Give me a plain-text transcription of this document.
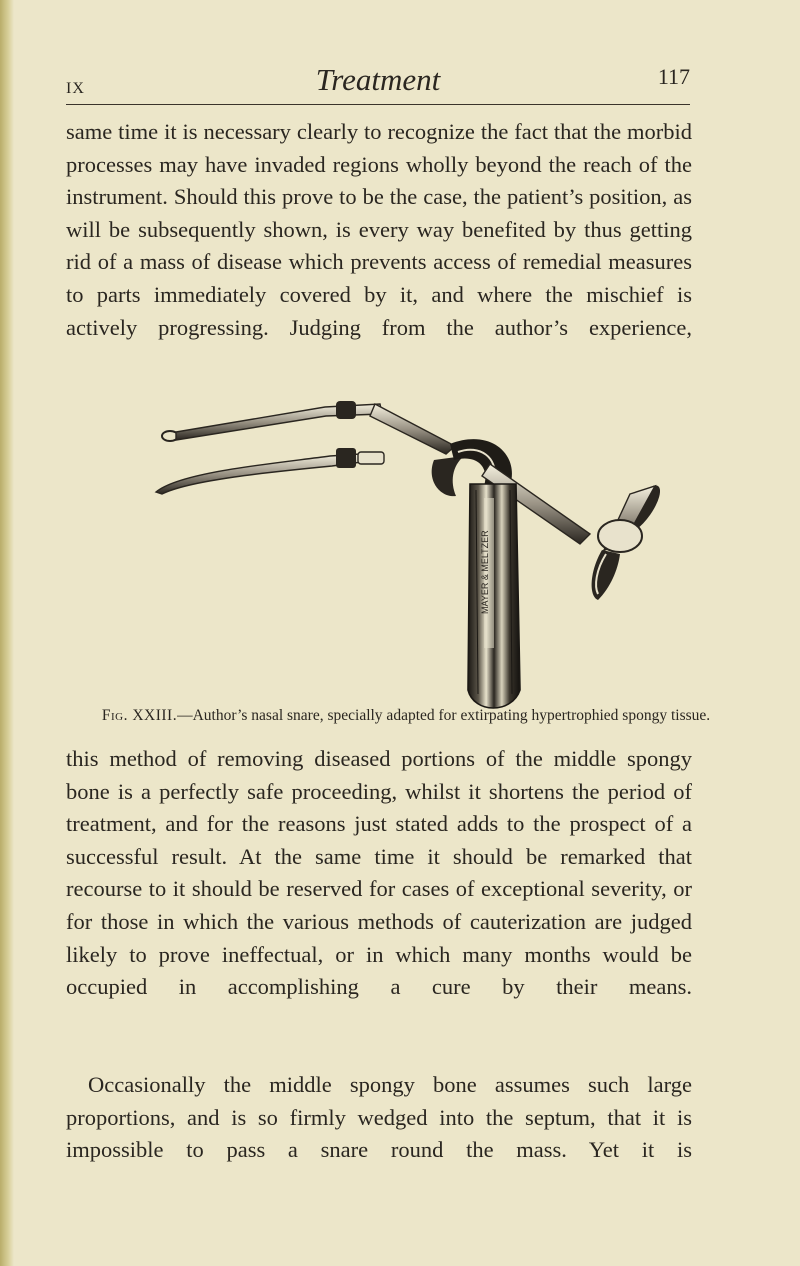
IX	Treatment	117

same time it is necessary clearly to recognize the fact that the morbid processes may have invaded regions wholly beyond the reach of the instrument. Should this prove to be the case, the patient’s position, as will be subsequently shown, is every way benefited by thus getting rid of a mass of disease which prevents access of remedial measures to parts immediately covered by it, and where the mischief is actively progressing. Judging from the author’s experience,

MAYER & MELTZER
Fig. XXIII.—Author’s nasal snare, specially adapted for extirpating hypertrophied spongy tissue.

this method of removing diseased portions of the middle spongy bone is a perfectly safe proceeding, whilst it shortens the period of treatment, and for the reasons just stated adds to the prospect of a successful result. At the same time it should be remarked that recourse to it should be reserved for cases of exceptional severity, or for those in which the various methods of cauterization are judged likely to prove ineffectual, or in which many months would be occupied in accomplishing a cure by their means.

Occasionally the middle spongy bone assumes such large proportions, and is so firmly wedged into the septum, that it is impossible to pass a snare round the mass. Yet it is
